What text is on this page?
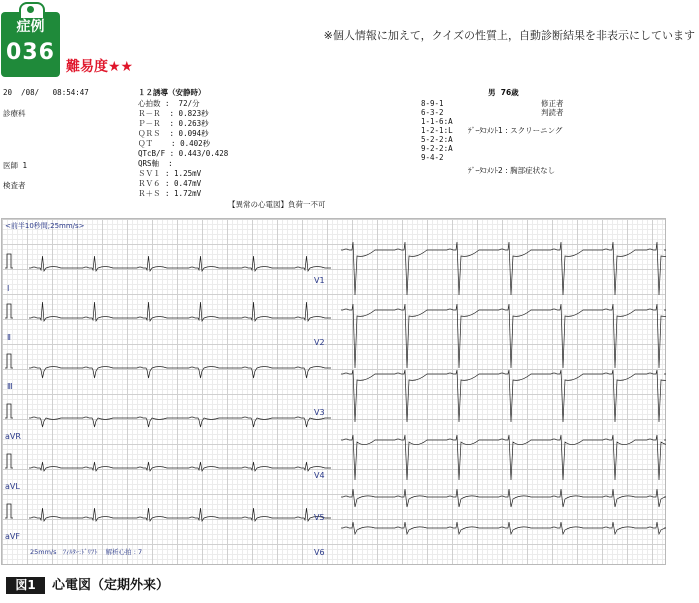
症例
036
難易度★★
※個人情報に加えて，クイズの性質上，自動診断結果を非表示にしています
20  /08/   08:54:47
診療科
医師 1
検査者
１２誘導（安静時）
心拍数 :  72/分
Ｒ－Ｒ  : 0.823秒
Ｐ－Ｒ  : 0.263秒
ＱＲＳ  : 0.094秒
ＱＴ    : 0.402秒
QTcB/F : 0.443/0.428
QRS軸  :
ＳＶ１ : 1.25mV
ＲＶ６ : 0.47mV
Ｒ＋Ｓ : 1.72mV
【異常の心電図】負荷一不可
8-9-1
6-3-2
1-1-6:A
1-2-1:L
5-2-2:A
9-2-2:A
9-4-2
男  76歳
修正者
判読者
ﾃﾞｰﾀｺﾒﾝﾄ1 : スクリーニング
ﾃﾞｰﾀｺﾒﾝﾄ2 : 胸部症状なし
<前半10秒間;25mm/s>
I
Ⅱ
Ⅲ
aVR
aVL
aVF
V1
V2
V3
V4
V5
V6
25mm/s   ﾌｨﾙﾀｰ:ﾄﾞﾘﾌﾄ    解析心拍 : 7
図1	心電図（定期外来）
